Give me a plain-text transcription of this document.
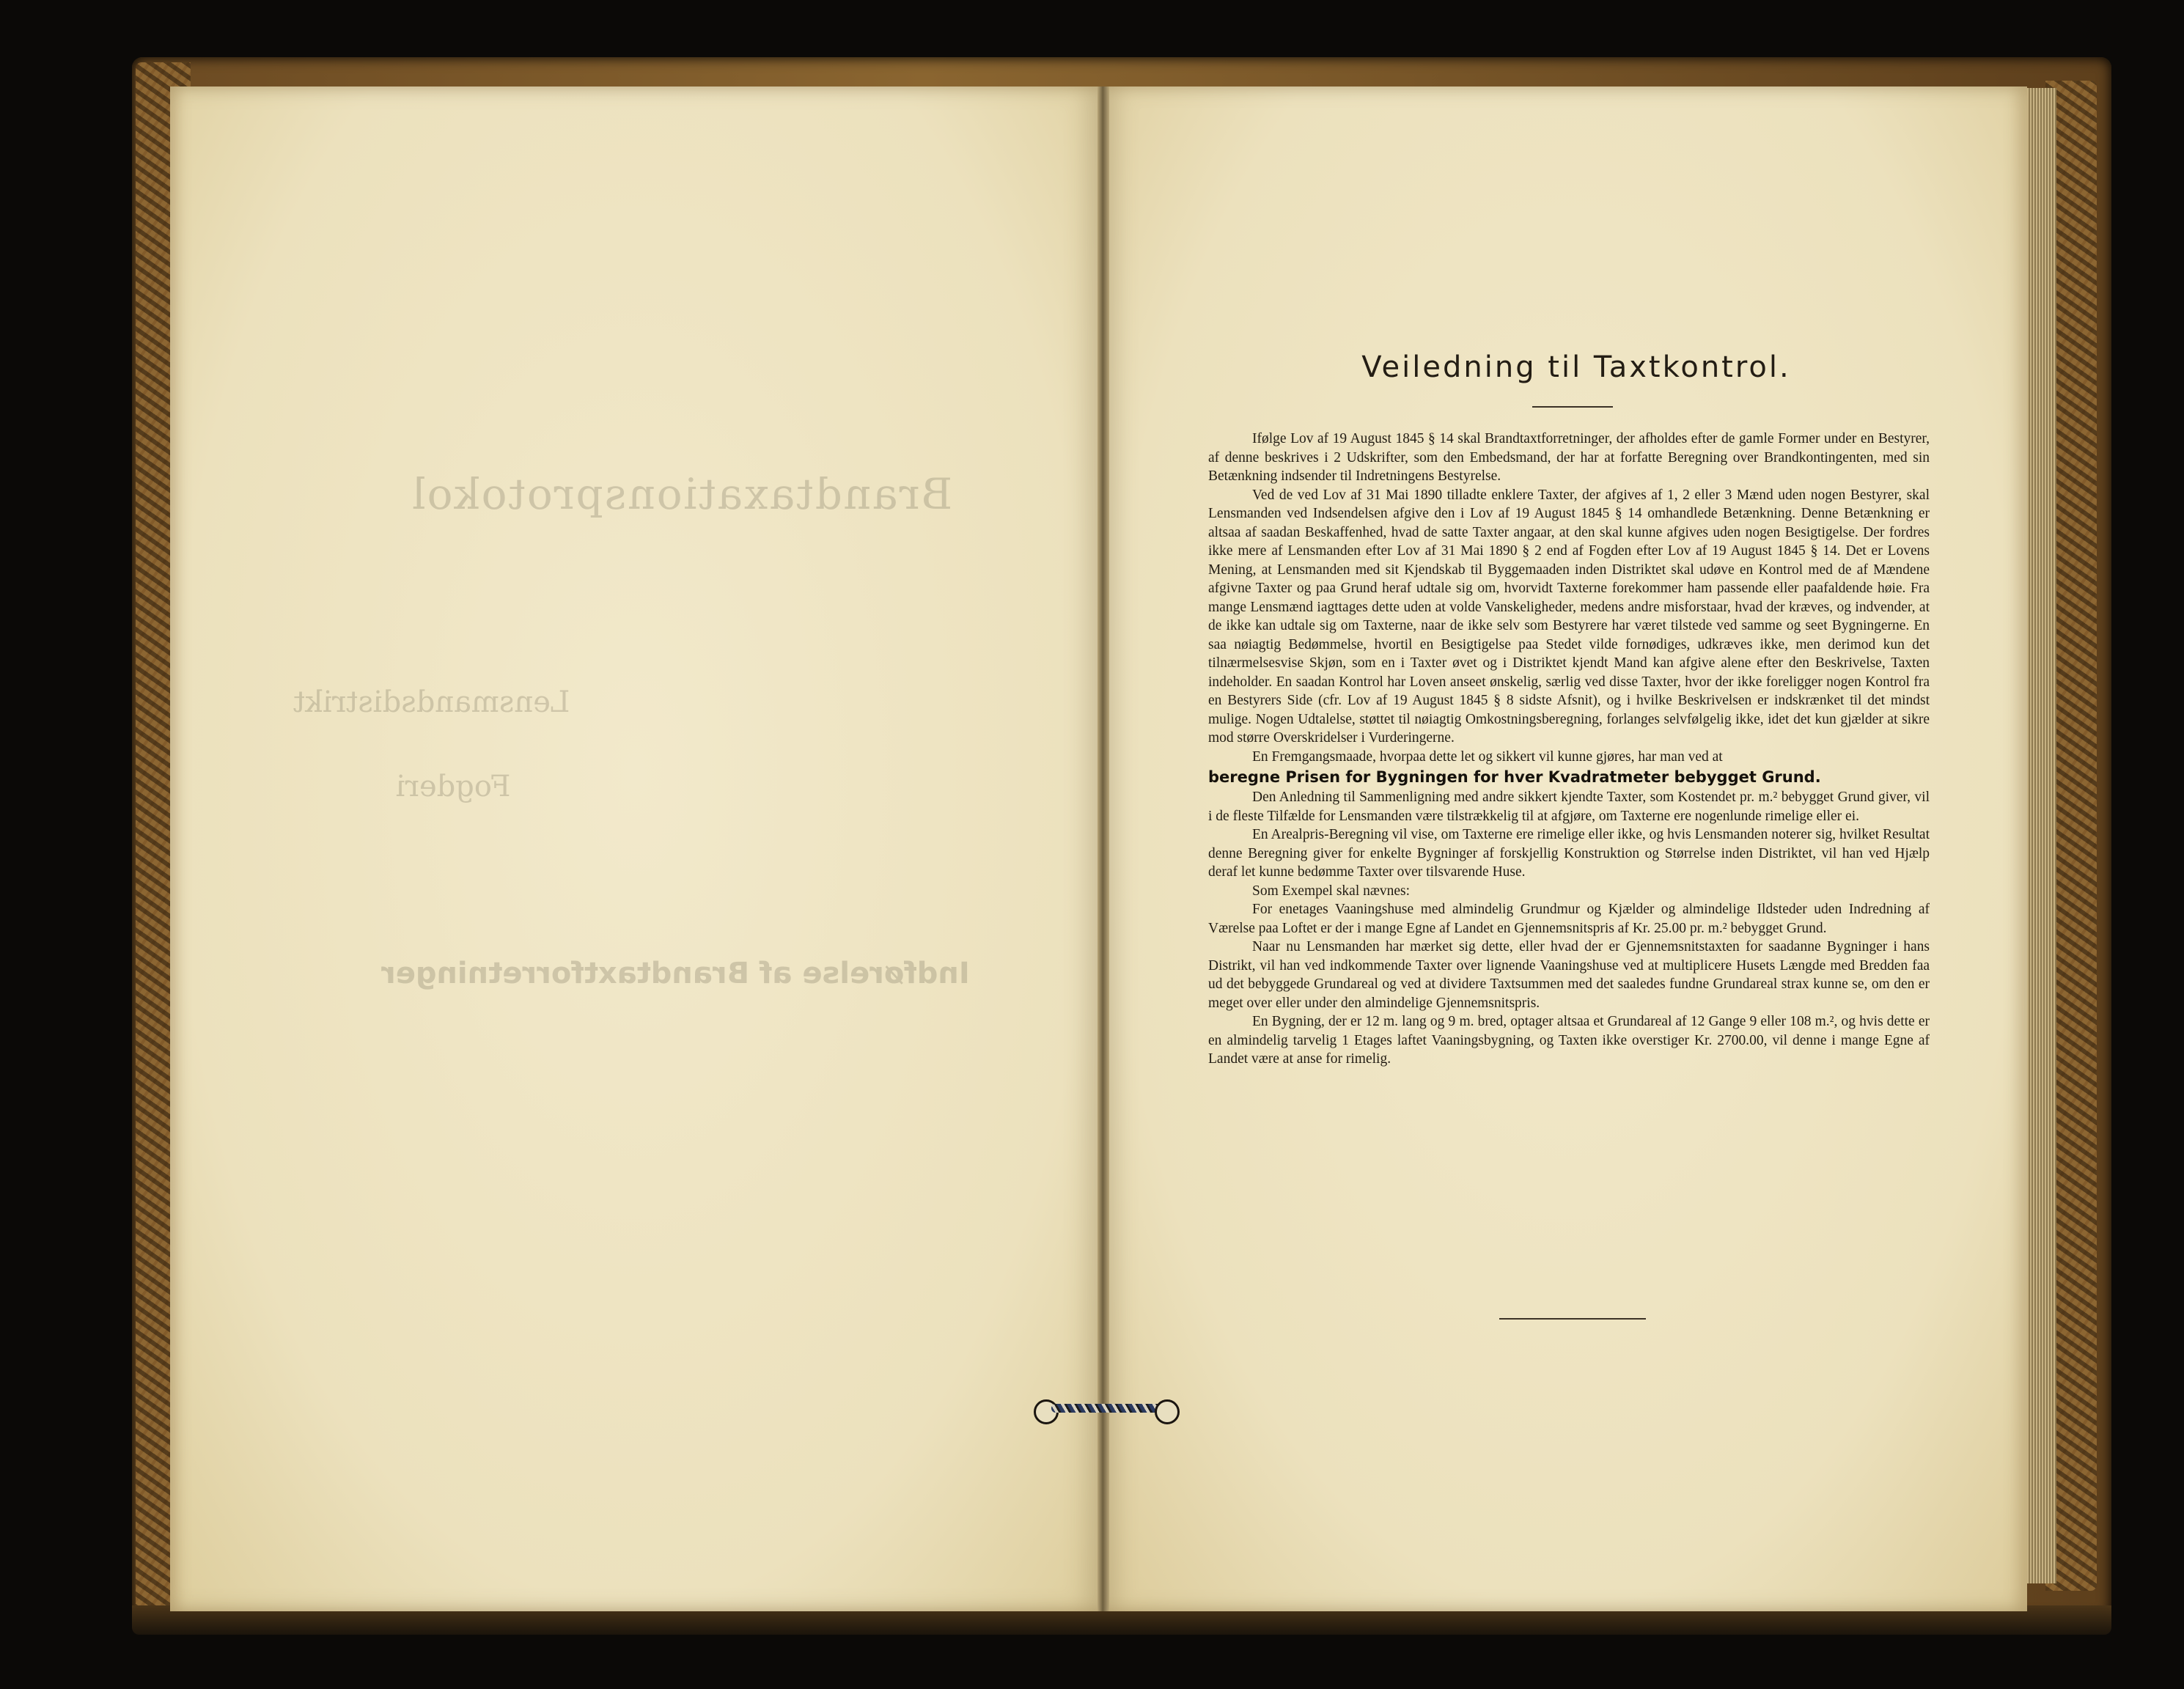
Brandtaxationsprotokol
Lensmandsdistrikt
Fogderi
Indførelse af Brandtaxtforretninger
Veiledning til Taxtkontrol.

Ifølge Lov af 19 August 1845 § 14 skal Brandtaxtforretninger, der afholdes efter de gamle Former under en Bestyrer, af denne beskrives i 2 Udskrifter, som den Embedsmand, der har at forfatte Beregning over Brandkontingenten, med sin Betænkning indsender til Indretningens Bestyrelse.

Ved de ved Lov af 31 Mai 1890 tilladte enklere Taxter, der afgives af 1, 2 eller 3 Mænd uden nogen Bestyrer, skal Lensmanden ved Indsendelsen afgive den i Lov af 19 August 1845 § 14 omhandlede Betænkning. Denne Betænkning er altsaa af saadan Beskaffenhed, hvad de satte Taxter angaar, at den skal kunne afgives uden nogen Besigtigelse. Der fordres ikke mere af Lensmanden efter Lov af 31 Mai 1890 § 2 end af Fogden efter Lov af 19 August 1845 § 14. Det er Lovens Mening, at Lensmanden med sit Kjendskab til Byggemaaden inden Distriktet skal udøve en Kontrol med de af Mændene afgivne Taxter og paa Grund heraf udtale sig om, hvorvidt Taxterne forekommer ham passende eller paafaldende høie. Fra mange Lensmænd iagttages dette uden at volde Vanskeligheder, medens andre misforstaar, hvad der kræves, og indvender, at de ikke kan udtale sig om Taxterne, naar de ikke selv som Bestyrere har været tilstede ved samme og seet Bygningerne. En saa nøiagtig Bedømmelse, hvortil en Besigtigelse paa Stedet vilde fornødiges, udkræves ikke, men derimod kun det tilnærmelsesvise Skjøn, som en i Taxter øvet og i Distriktet kjendt Mand kan afgive alene efter den Beskrivelse, Taxten indeholder. En saadan Kontrol har Loven anseet ønskelig, særlig ved disse Taxter, hvor der ikke foreligger nogen Kontrol fra en Bestyrers Side (cfr. Lov af 19 August 1845 § 8 sidste Afsnit), og i hvilke Beskrivelsen er indskrænket til det mindst mulige. Nogen Udtalelse, støttet til nøiagtig Omkostningsberegning, forlanges selvfølgelig ikke, idet det kun gjælder at sikre mod større Overskridelser i Vurderingerne.

En Fremgangsmaade, hvorpaa dette let og sikkert vil kunne gjøres, har man ved at

beregne Prisen for Bygningen for hver Kvadratmeter bebygget Grund.

Den Anledning til Sammenligning med andre sikkert kjendte Taxter, som Kostendet pr. m.² bebygget Grund giver, vil i de fleste Tilfælde for Lensmanden være tilstrækkelig til at afgjøre, om Taxterne ere nogenlunde rimelige eller ei.

En Arealpris-Beregning vil vise, om Taxterne ere rimelige eller ikke, og hvis Lensmanden noterer sig, hvilket Resultat denne Beregning giver for enkelte Bygninger af forskjellig Konstruktion og Størrelse inden Distriktet, vil han ved Hjælp deraf let kunne bedømme Taxter over tilsvarende Huse.

Som Exempel skal nævnes:

For enetages Vaaningshuse med almindelig Grundmur og Kjælder og almindelige Ildsteder uden Indredning af Værelse paa Loftet er der i mange Egne af Landet en Gjennemsnitspris af Kr. 25.00 pr. m.² bebygget Grund.

Naar nu Lensmanden har mærket sig dette, eller hvad der er Gjennemsnitstaxten for saadanne Bygninger i hans Distrikt, vil han ved indkommende Taxter over lignende Vaaningshuse ved at multiplicere Husets Længde med Bredden faa ud det bebyggede Grundareal og ved at dividere Taxtsummen med det saaledes fundne Grundareal strax kunne se, om den er meget over eller under den almindelige Gjennemsnitspris.

En Bygning, der er 12 m. lang og 9 m. bred, optager altsaa et Grundareal af 12 Gange 9 eller 108 m.², og hvis dette er en almindelig tarvelig 1 Etages laftet Vaaningsbygning, og Taxten ikke overstiger Kr. 2700.00, vil denne i mange Egne af Landet være at anse for rimelig.
